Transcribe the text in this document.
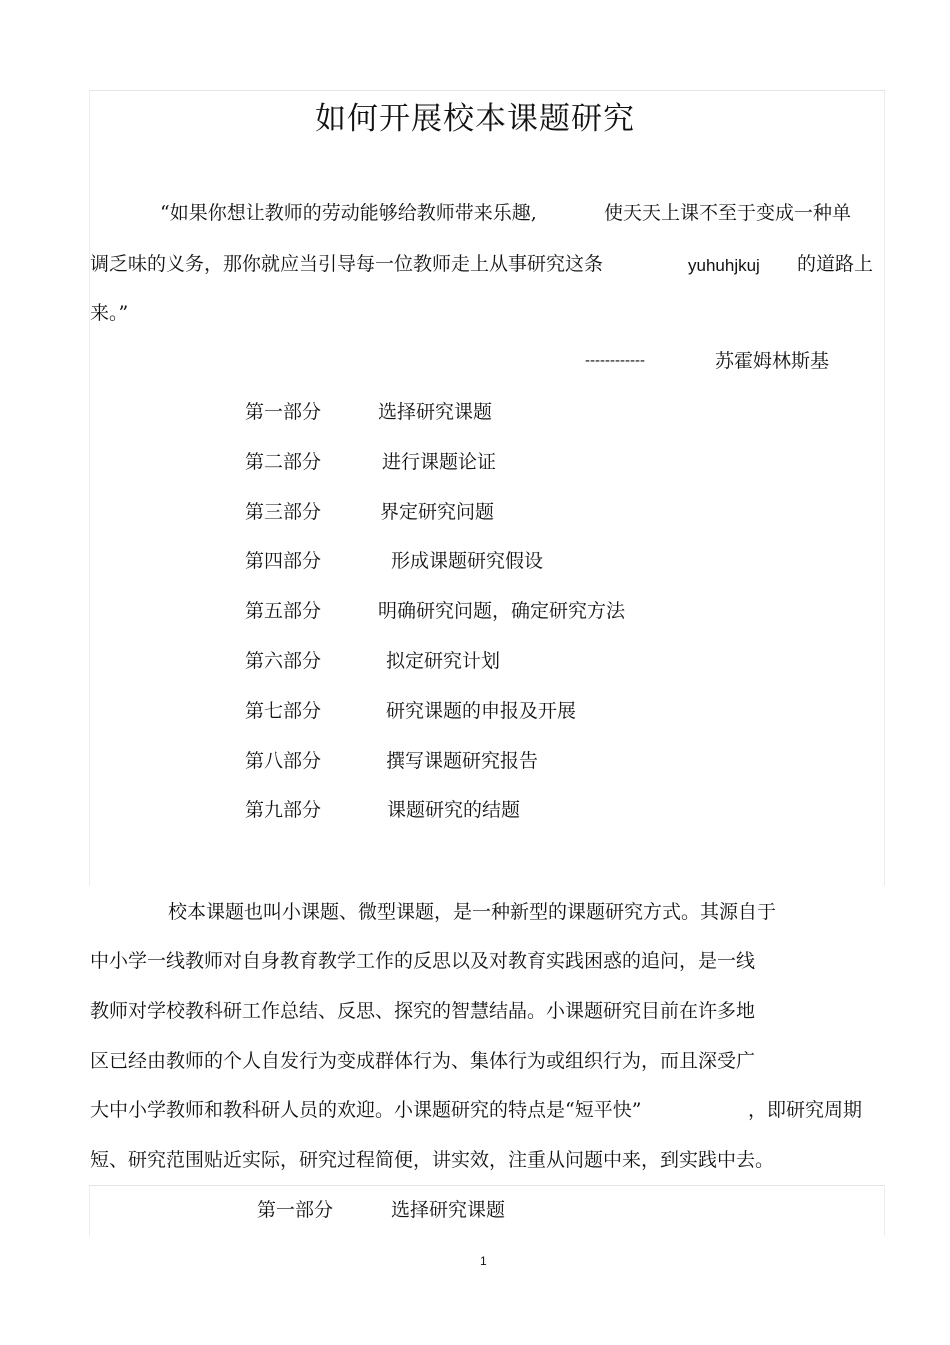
如何开展校本课题研究
“如果你想让教师的劳动能够给教师带来乐趣,	使天天上课不至于变成一种单
调乏味的义务，那你就应当引导每一位教师走上从事研究这条	yuhuhjkuj 的道路上
来。”
------------	苏霍姆林斯基
第一部分	选择研究课题
第二部分	进行课题论证
第三部分	界定研究问题
第四部分	形成课题研究假设
第五部分	明确研究问题，确定研究方法
第六部分	拟定研究计划
第七部分	研究课题的申报及开展
第八部分	撰写课题研究报告
第九部分	课题研究的结题
校本课题也叫小课题、微型课题，是一种新型的课题研究方式。其源自于
中小学一线教师对自身教育教学工作的反思以及对教育实践困惑的追问，是一线
教师对学校教科研工作总结、反思、探究的智慧结晶。小课题研究目前在许多地
区已经由教师的个人自发行为变成群体行为、集体行为或组织行为，而且深受广
大中小学教师和教科研人员的欢迎。小课题研究的特点是“短平快”	，即研究周期
短、研究范围贴近实际，研究过程简便，讲实效，注重从问题中来，到实践中去。
第一部分	选择研究课题
1
